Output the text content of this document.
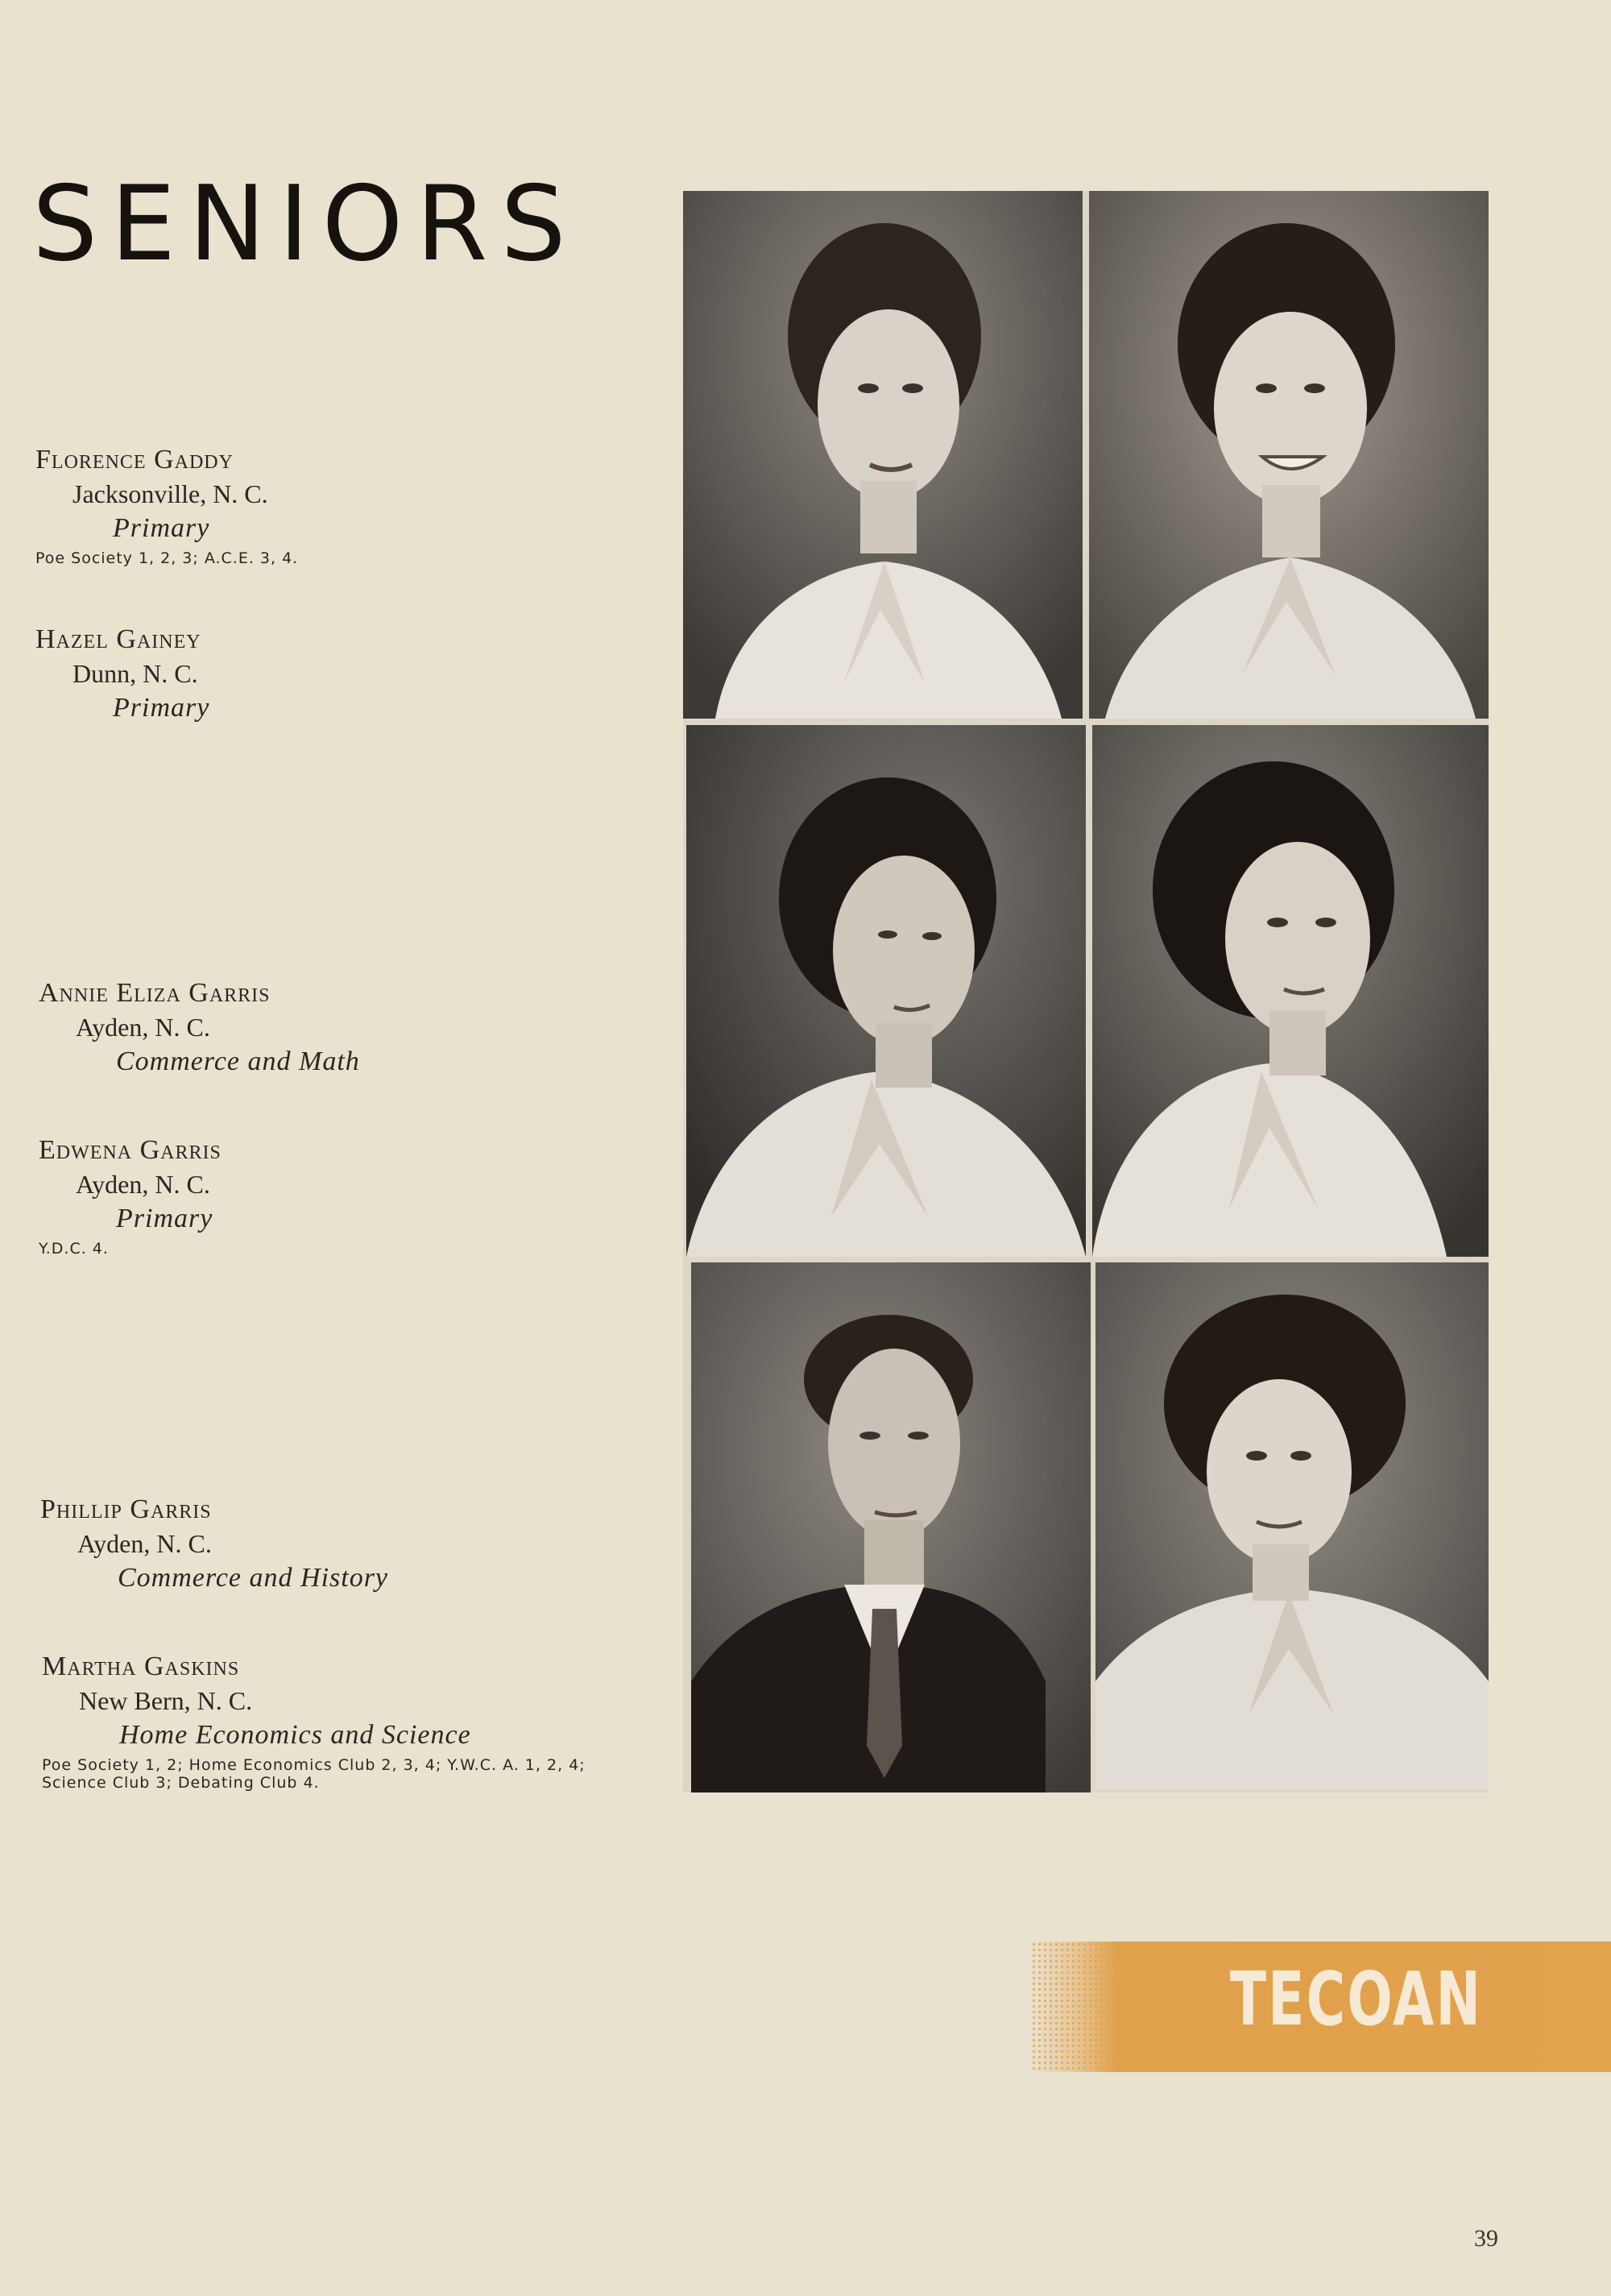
SENIORS
Florence Gaddy
Jacksonville, N. C.
Primary
Poe Society 1, 2, 3; A.C.E. 3, 4.
Hazel Gainey
Dunn, N. C.
Primary
Annie Eliza Garris
Ayden, N. C.
Commerce and Math
Edwena Garris
Ayden, N. C.
Primary
Y.D.C. 4.
Phillip Garris
Ayden, N. C.
Commerce and History
Martha Gaskins
New Bern, N. C.
Home Economics and Science
Poe Society 1, 2; Home Economics Club 2, 3, 4; Y.W.C. A. 1, 2, 4; Science Club 3; Debating Club 4.
TECOAN
39
